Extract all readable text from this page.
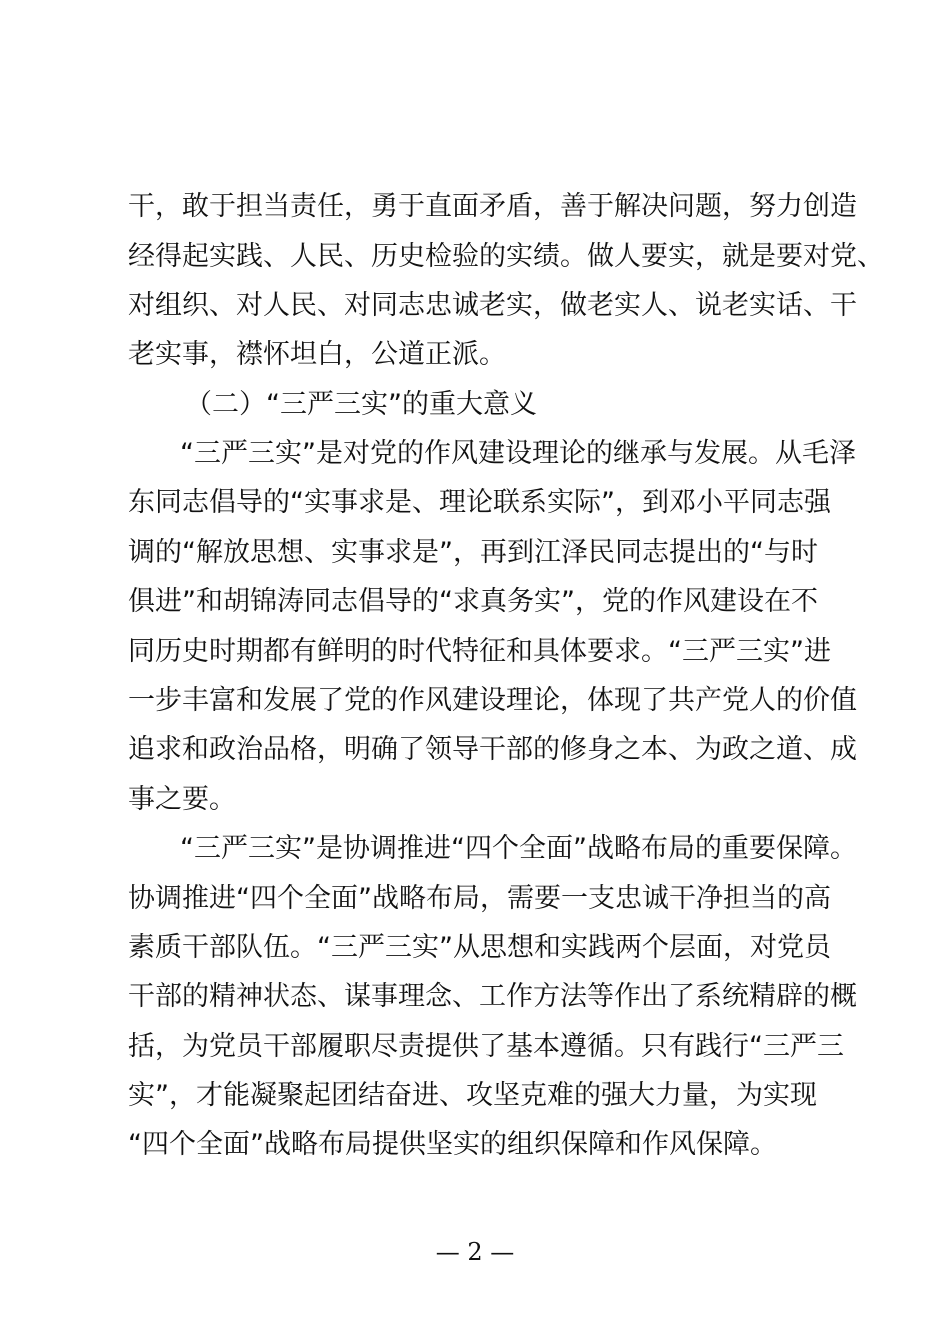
干，敢于担当责任，勇于直面矛盾，善于解决问题，努力创造
经得起实践、人民、历史检验的实绩。做人要实，就是要对党、
对组织、对人民、对同志忠诚老实，做老实人、说老实话、干
老实事，襟怀坦白，公道正派。
（二）“三严三实”的重大意义
“三严三实”是对党的作风建设理论的继承与发展。从毛泽
东同志倡导的“实事求是、理论联系实际”，到邓小平同志强
调的“解放思想、实事求是”，再到江泽民同志提出的“与时
俱进”和胡锦涛同志倡导的“求真务实”，党的作风建设在不
同历史时期都有鲜明的时代特征和具体要求。“三严三实”进
一步丰富和发展了党的作风建设理论，体现了共产党人的价值
追求和政治品格，明确了领导干部的修身之本、为政之道、成
事之要。
“三严三实”是协调推进“四个全面”战略布局的重要保障。
协调推进“四个全面”战略布局，需要一支忠诚干净担当的高
素质干部队伍。“三严三实”从思想和实践两个层面，对党员
干部的精神状态、谋事理念、工作方法等作出了系统精辟的概
括，为党员干部履职尽责提供了基本遵循。只有践行“三严三
实”，才能凝聚起团结奋进、攻坚克难的强大力量，为实现
“四个全面”战略布局提供坚实的组织保障和作风保障。
— 2 —
